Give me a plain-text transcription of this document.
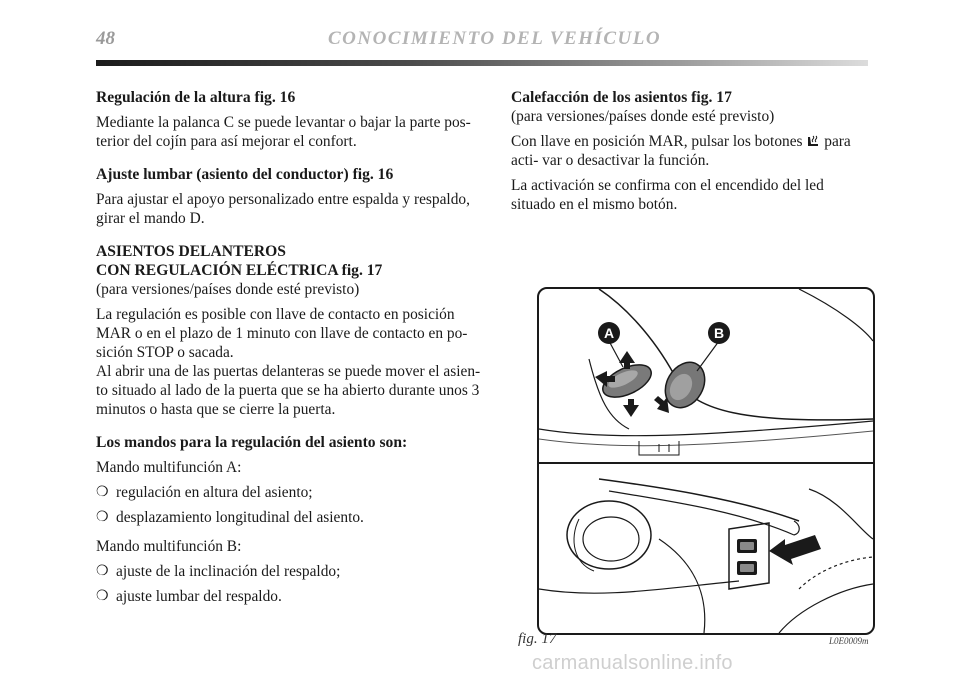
48	CONOCIMIENTO DEL VEHÍCULO
Regulación de la altura fig. 16

Mediante la palanca C se puede levantar o bajar la parte pos- terior del cojín para así mejorar el confort.

Ajuste lumbar (asiento del conductor) fig. 16

Para ajustar el apoyo personalizado entre espalda y respaldo, girar el mando D.

ASIENTOS DELANTEROS
CON REGULACIÓN ELÉCTRICA fig. 17

(para versiones/países donde esté previsto)

La regulación es posible con llave de contacto en posición MAR o en el plazo de 1 minuto con llave de contacto en po- sición STOP o sacada.

Al abrir una de las puertas delanteras se puede mover el asien- to situado al lado de la puerta que se ha abierto durante unos 3 minutos o hasta que se cierre la puerta.

Los mandos para la regulación del asiento son:

Mando multifunción A:

❍ regulación en altura del asiento;
❍ desplazamiento longitudinal del asiento.

Mando multifunción B:

❍ ajuste de la inclinación del respaldo;
❍ ajuste lumbar del respaldo.
Calefacción de los asientos fig. 17

(para versiones/países donde esté previsto)

Con llave en posición MAR, pulsar los botones para acti- var o desactivar la función.

La activación se confirma con el encendido del led situado en el mismo botón.

A	B
fig. 17	L0E0009m
carmanualsonline.info
